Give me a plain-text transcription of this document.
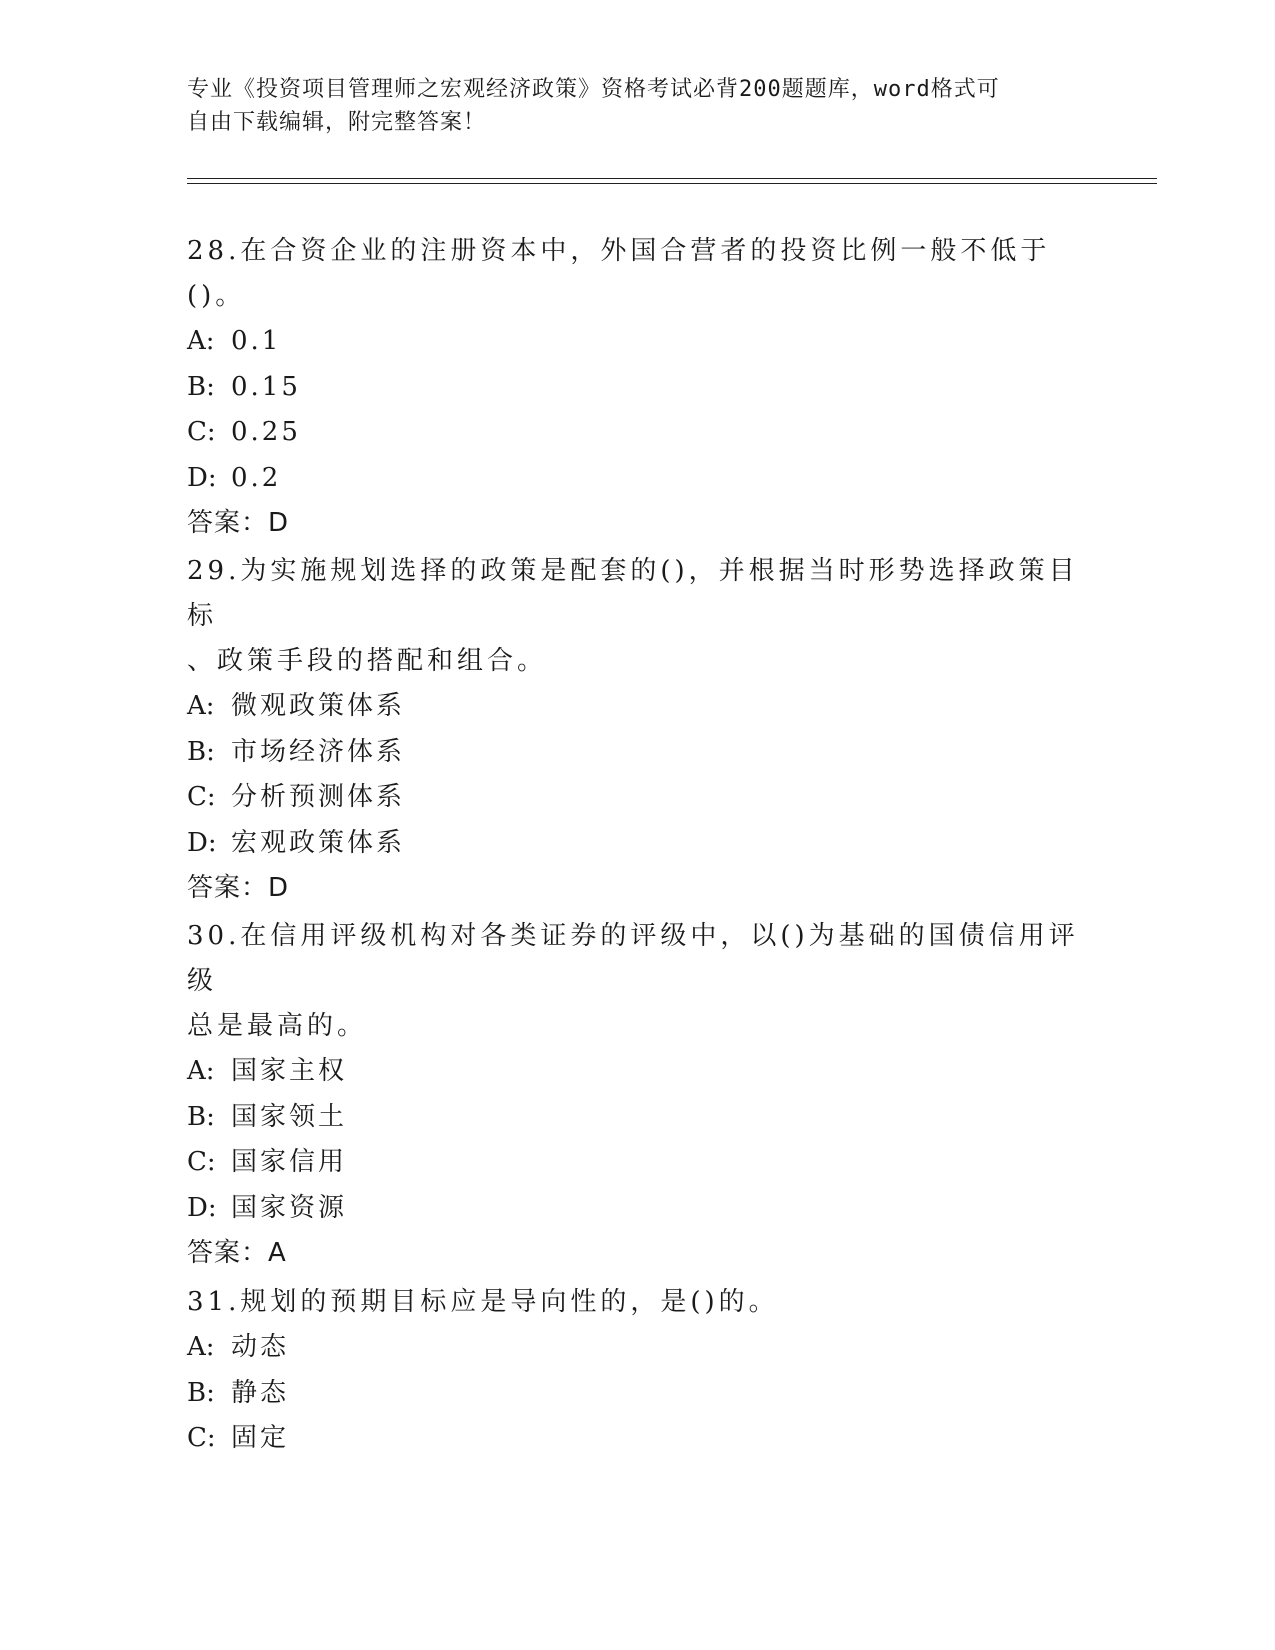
专业《投资项目管理师之宏观经济政策》资格考试必背200题题库，word格式可
自由下载编辑，附完整答案！
28.在合资企业的注册资本中，外国合营者的投资比例一般不低于()。
A: 0.1
B: 0.15
C: 0.25
D: 0.2
答案：D
29.为实施规划选择的政策是配套的()，并根据当时形势选择政策目标
、政策手段的搭配和组合。
A: 微观政策体系
B: 市场经济体系
C: 分析预测体系
D: 宏观政策体系
答案：D
30.在信用评级机构对各类证券的评级中，以()为基础的国债信用评级
总是最高的。
A: 国家主权
B: 国家领土
C: 国家信用
D: 国家资源
答案：A
31.规划的预期目标应是导向性的，是()的。
A: 动态
B: 静态
C: 固定
